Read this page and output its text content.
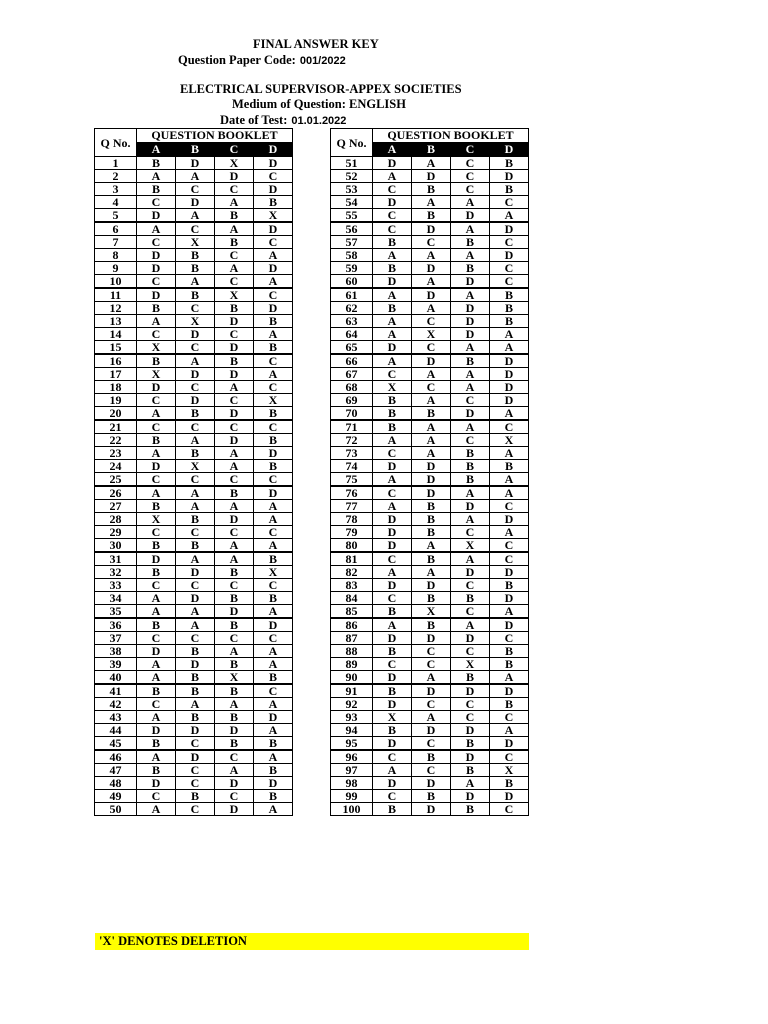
FINAL ANSWER KEY
Question Paper Code: 001/2022
ELECTRICAL SUPERVISOR-APPEX SOCIETIES
Medium of Question: ENGLISH
Date of Test: 01.01.2022
Q No.	QUESTION BOOKLET			
	A	B	C	D
1	B	D	X	D
2	A	A	D	C
3	B	C	C	D
4	C	D	A	B
5	D	A	B	X
6	A	C	A	D
7	C	X	B	C
8	D	B	C	A
9	D	B	A	D
10	C	A	C	A
11	D	B	X	C
12	B	C	B	D
13	A	X	D	B
14	C	D	C	A
15	X	C	D	B
16	B	A	B	C
17	X	D	D	A
18	D	C	A	C
19	C	D	C	X
20	A	B	D	B
21	C	C	C	C
22	B	A	D	B
23	A	B	A	D
24	D	X	A	B
25	C	C	C	C
26	A	A	B	D
27	B	A	A	A
28	X	B	D	A
29	C	C	C	C
30	B	B	A	A
31	D	A	A	B
32	B	D	B	X
33	C	C	C	C
34	A	D	B	B
35	A	A	D	A
36	B	A	B	D
37	C	C	C	C
38	D	B	A	A
39	A	D	B	A
40	A	B	X	B
41	B	B	B	C
42	C	A	A	A
43	A	B	B	D
44	D	D	D	A
45	B	C	B	B
46	A	D	C	A
47	B	C	A	B
48	D	C	D	D
49	C	B	C	B
50	A	C	D	A
Q No.	QUESTION BOOKLET			
	A	B	C	D
51	D	A	C	B
52	A	D	C	D
53	C	B	C	B
54	D	A	A	C
55	C	B	D	A
56	C	D	A	D
57	B	C	B	C
58	A	A	A	D
59	B	D	B	C
60	D	A	D	C
61	A	D	A	B
62	B	A	D	B
63	A	C	D	B
64	A	X	D	A
65	D	C	A	A
66	A	D	B	D
67	C	A	A	D
68	X	C	A	D
69	B	A	C	D
70	B	B	D	A
71	B	A	A	C
72	A	A	C	X
73	C	A	B	A
74	D	D	B	B
75	A	D	B	A
76	C	D	A	A
77	A	B	D	C
78	D	B	A	D
79	D	B	C	A
80	D	A	X	C
81	C	B	A	C
82	A	A	D	D
83	D	D	C	B
84	C	B	B	D
85	B	X	C	A
86	A	B	A	D
87	D	D	D	C
88	B	C	C	B
89	C	C	X	B
90	D	A	B	A
91	B	D	D	D
92	D	C	C	B
93	X	A	C	C
94	B	D	D	A
95	D	C	B	D
96	C	B	D	C
97	A	C	B	X
98	D	D	A	B
99	C	B	D	D
100	B	D	B	C
'X' DENOTES DELETION
